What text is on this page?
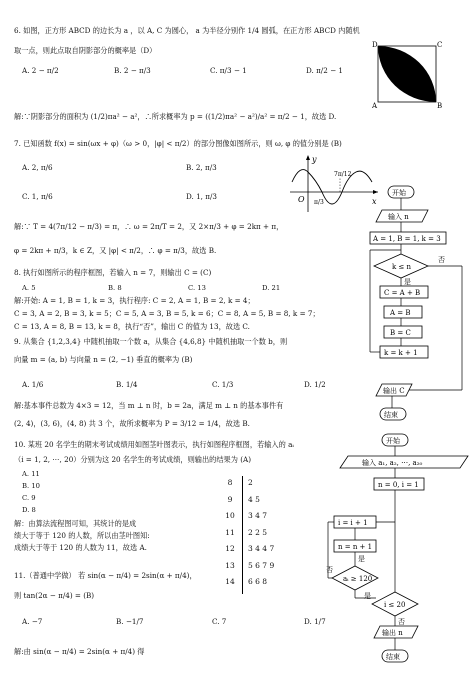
6. 如图，正方形 ABCD 的边长为 a ，以 A, C 为圆心， a 为半径分别作 1/4 圆弧，在正方形 ABCD 内随机
取一点，则此点取自阴影部分的概率是（D）
A. 2 − π/2	B. 2 − π/3	C. π/3 − 1	D. π/2 − 1
解:∵阴影部分的面积为 (1/2)πa² − a²，∴所求概率为 p = ((1/2)πa² − a²)/a² = π/2 − 1，故选 D.
D	C
A	B
7. 已知函数 f(x) = sin(ωx + φ)（ω > 0，|φ| < π/2）的部分图像如图所示，则 ω, φ 的值分别是 (B)
A. 2, π/6	B. 2, π/3
C. 1, π/6	D. 1, π/3
解:∵ T = 4(7π/12 − π/3) = π，∴ ω = 2π/T = 2，又 2×π/3 + φ = 2kπ + π，
φ = 2kπ + π/3，k ∈ Z，又 |φ| < π/2，∴ φ = π/3，故选 B.
y
O	x
π/3
7π/12
8. 执行如图所示的程序框图，若输入 n = 7，则输出 C = (C)
A. 5	B. 8	C. 13	D. 21
解:开始: A = 1, B = 1, k = 3，执行程序: C = 2, A = 1, B = 2, k = 4；
C = 3, A = 2, B = 3, k = 5；C = 5, A = 3, B = 5, k = 6；C = 8, A = 5, B = 8, k = 7；
C = 13, A = 8, B = 13, k = 8，执行“否”，输出 C 的值为 13，故选 C.
开始
输入 n
A = 1, B = 1, k = 3
k ≤ n
否
是
C = A + B
A = B
B = C
k = k + 1
输出 C
结束
9. 从集合 {1,2,3,4} 中随机抽取一个数 a，从集合 {4,6,8} 中随机抽取一个数 b，则
向量 m = (a, b) 与向量 n = (2, −1) 垂直的概率为 (B)
A. 1/6	B. 1/4	C. 1/3	D. 1/2
解:基本事件总数为 4×3 = 12，当 m ⊥ n 时，b = 2a，满足 m ⊥ n 的基本事件有
(2, 4)，(3, 6)，(4, 8) 共 3 个，故所求概率为 P = 3/12 = 1/4，故选 B.
10. 某班 20 名学生的期末考试成绩用如图茎叶图表示，执行如图程序框图，若输入的 aᵢ
（i = 1, 2, ⋯, 20）分别为这 20 名学生的考试成绩，则输出的结果为 (A)
A. 11
B. 10
C. 9
D. 8
解：由算法流程图可知，其统计的是成
绩大于等于 120 的人数，所以由茎叶图知:
成绩大于等于 120 的人数为 11，故选 A.
8 2
9 4 5
10 3 4 7
11 2 2 5
12 3 4 4 7
13 5 6 7 9
14 6 6 8
开始
输入 a₁, a₂, ⋯, a₂₀
n = 0, i = 1
i = i + 1
n = n + 1
是
aᵢ ≥ 120
否
i ≤ 20
是
否
输出 n
结束
11.（普通中学做） 若 sin(α − π/4) = 2sin(α + π/4)，
则 tan(2α − π/4) = (B)
A. −7	B. −1/7	C. 7	D. 1/7
解:由 sin(α − π/4) = 2sin(α + π/4) 得
